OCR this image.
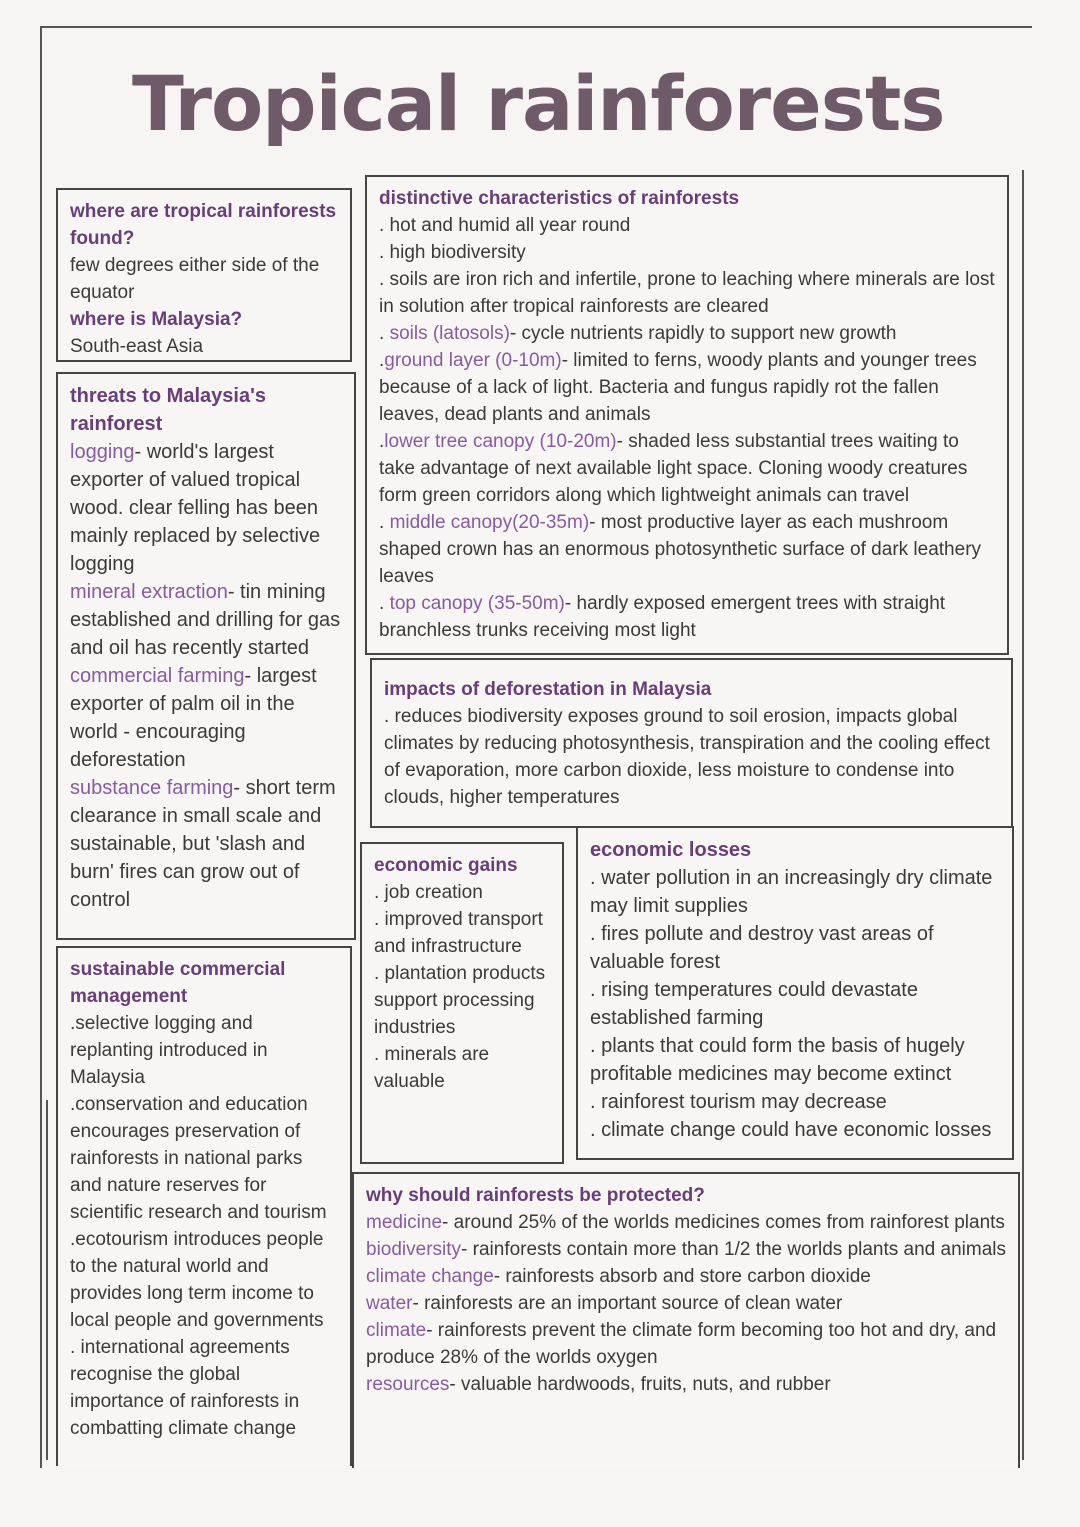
Tropical rainforests

where are tropical rainforests found?

few degrees either side of the equator

where is Malaysia?

South-east Asia

threats to Malaysia's rainforest

logging- world's largest exporter of valued tropical wood. clear felling has been mainly replaced by selective logging

mineral extraction- tin mining established and drilling for gas and oil has recently started

commercial farming- largest exporter of palm oil in the world - encouraging deforestation

substance farming- short term clearance in small scale and sustainable, but 'slash and burn' fires can grow out of control

sustainable commercial management

.selective logging and replanting introduced in Malaysia

.conservation and education encourages preservation of rainforests in national parks and nature reserves for scientific research and tourism

.ecotourism introduces people to the natural world and provides long term income to local people and governments

. international agreements recognise the global importance of rainforests in combatting climate change

distinctive characteristics of rainforests

. hot and humid all year round

. high biodiversity

. soils are iron rich and infertile, prone to leaching where minerals are lost in solution after tropical rainforests are cleared

. soils (latosols)- cycle nutrients rapidly to support new growth

.ground layer (0-10m)- limited to ferns, woody plants and younger trees because of a lack of light. Bacteria and fungus rapidly rot the fallen leaves, dead plants and animals

.lower tree canopy (10-20m)- shaded less substantial trees waiting to take advantage of next available light space. Cloning woody creatures form green corridors along which lightweight animals can travel

. middle canopy(20-35m)- most productive layer as each mushroom shaped crown has an enormous photosynthetic surface of dark leathery leaves

. top canopy (35-50m)- hardly exposed emergent trees with straight branchless trunks receiving most light

impacts of deforestation in Malaysia

. reduces biodiversity exposes ground to soil erosion, impacts global climates by reducing photosynthesis, transpiration and the cooling effect of evaporation, more carbon dioxide, less moisture to condense into clouds, higher temperatures

economic gains

. job creation

. improved transport and infrastructure

. plantation products support processing industries

. minerals are valuable

economic losses

. water pollution in an increasingly dry climate may limit supplies

. fires pollute and destroy vast areas of valuable forest

. rising temperatures could devastate established farming

. plants that could form the basis of hugely profitable medicines may become extinct

. rainforest tourism may decrease

. climate change could have economic losses

why should rainforests be protected?

medicine- around 25% of the worlds medicines comes from rainforest plants

biodiversity- rainforests contain more than 1/2 the worlds plants and animals

climate change- rainforests absorb and store carbon dioxide

water- rainforests are an important source of clean water

climate- rainforests prevent the climate form becoming too hot and dry, and produce 28% of the worlds oxygen

resources- valuable hardwoods, fruits, nuts, and rubber
